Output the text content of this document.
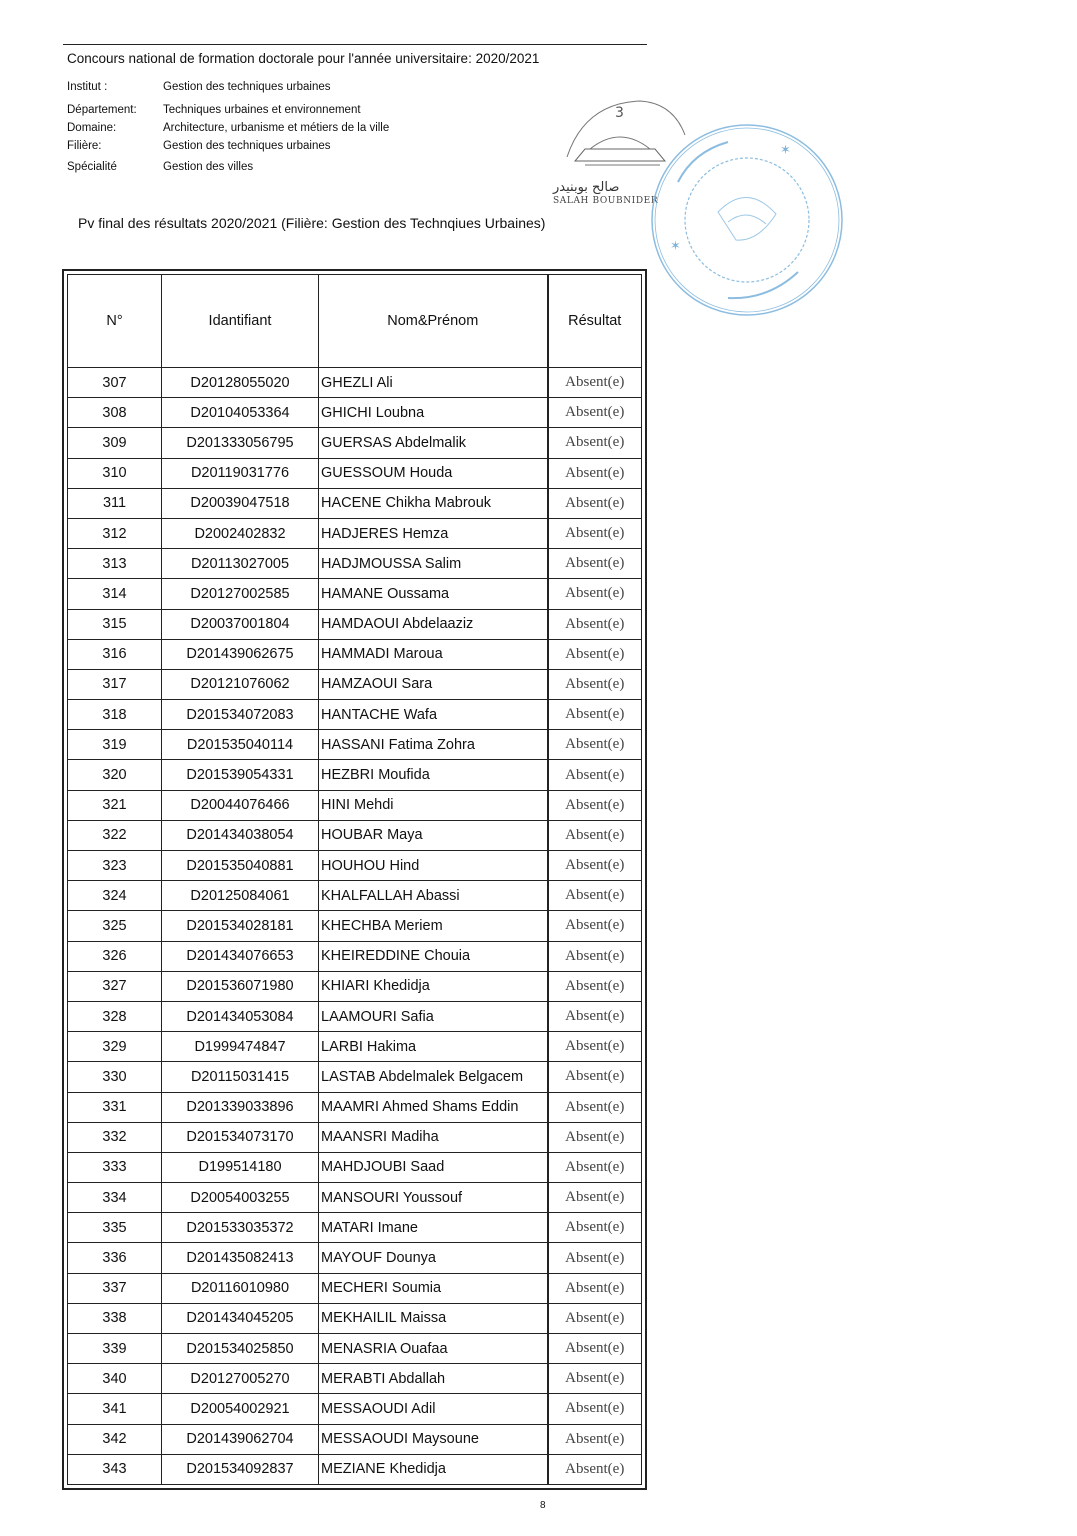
Concours national de formation doctorale pour l'année universitaire: 2020/2021
Institut :	Gestion des techniques urbaines
Département:	Techniques urbaines et environnement
Domaine:	Architecture, urbanisme et métiers de la ville
Filière:	Gestion des techniques urbaines
Spécialité	Gestion des villes
3
صالح بوبنيدر
SALAH BOUBNIDER
✶
✶
Pv final des résultats 2020/2021 (Filière: Gestion des Technqiues Urbaines)
N°	Idantifiant	Nom&Prénom	Résultat
307	D20128055020	GHEZLI Ali	Absent(e)
308	D20104053364	GHICHI Loubna	Absent(e)
309	D201333056795	GUERSAS Abdelmalik	Absent(e)
310	D20119031776	GUESSOUM Houda	Absent(e)
311	D20039047518	HACENE Chikha Mabrouk	Absent(e)
312	D2002402832	HADJERES Hemza	Absent(e)
313	D20113027005	HADJMOUSSA Salim	Absent(e)
314	D20127002585	HAMANE Oussama	Absent(e)
315	D20037001804	HAMDAOUI Abdelaaziz	Absent(e)
316	D201439062675	HAMMADI Maroua	Absent(e)
317	D20121076062	HAMZAOUI Sara	Absent(e)
318	D201534072083	HANTACHE Wafa	Absent(e)
319	D201535040114	HASSANI Fatima Zohra	Absent(e)
320	D201539054331	HEZBRI Moufida	Absent(e)
321	D20044076466	HINI Mehdi	Absent(e)
322	D201434038054	HOUBAR Maya	Absent(e)
323	D201535040881	HOUHOU Hind	Absent(e)
324	D20125084061	KHALFALLAH Abassi	Absent(e)
325	D201534028181	KHECHBA Meriem	Absent(e)
326	D201434076653	KHEIREDDINE Chouia	Absent(e)
327	D201536071980	KHIARI Khedidja	Absent(e)
328	D201434053084	LAAMOURI Safia	Absent(e)
329	D1999474847	LARBI Hakima	Absent(e)
330	D20115031415	LASTAB Abdelmalek Belgacem	Absent(e)
331	D201339033896	MAAMRI Ahmed Shams Eddin	Absent(e)
332	D201534073170	MAANSRI Madiha	Absent(e)
333	D199514180	MAHDJOUBI Saad	Absent(e)
334	D20054003255	MANSOURI Youssouf	Absent(e)
335	D201533035372	MATARI Imane	Absent(e)
336	D201435082413	MAYOUF Dounya	Absent(e)
337	D20116010980	MECHERI Soumia	Absent(e)
338	D201434045205	MEKHAILIL Maissa	Absent(e)
339	D201534025850	MENASRIA Ouafaa	Absent(e)
340	D20127005270	MERABTI Abdallah	Absent(e)
341	D20054002921	MESSAOUDI Adil	Absent(e)
342	D201439062704	MESSAOUDI Maysoune	Absent(e)
343	D201534092837	MEZIANE Khedidja	Absent(e)
8
